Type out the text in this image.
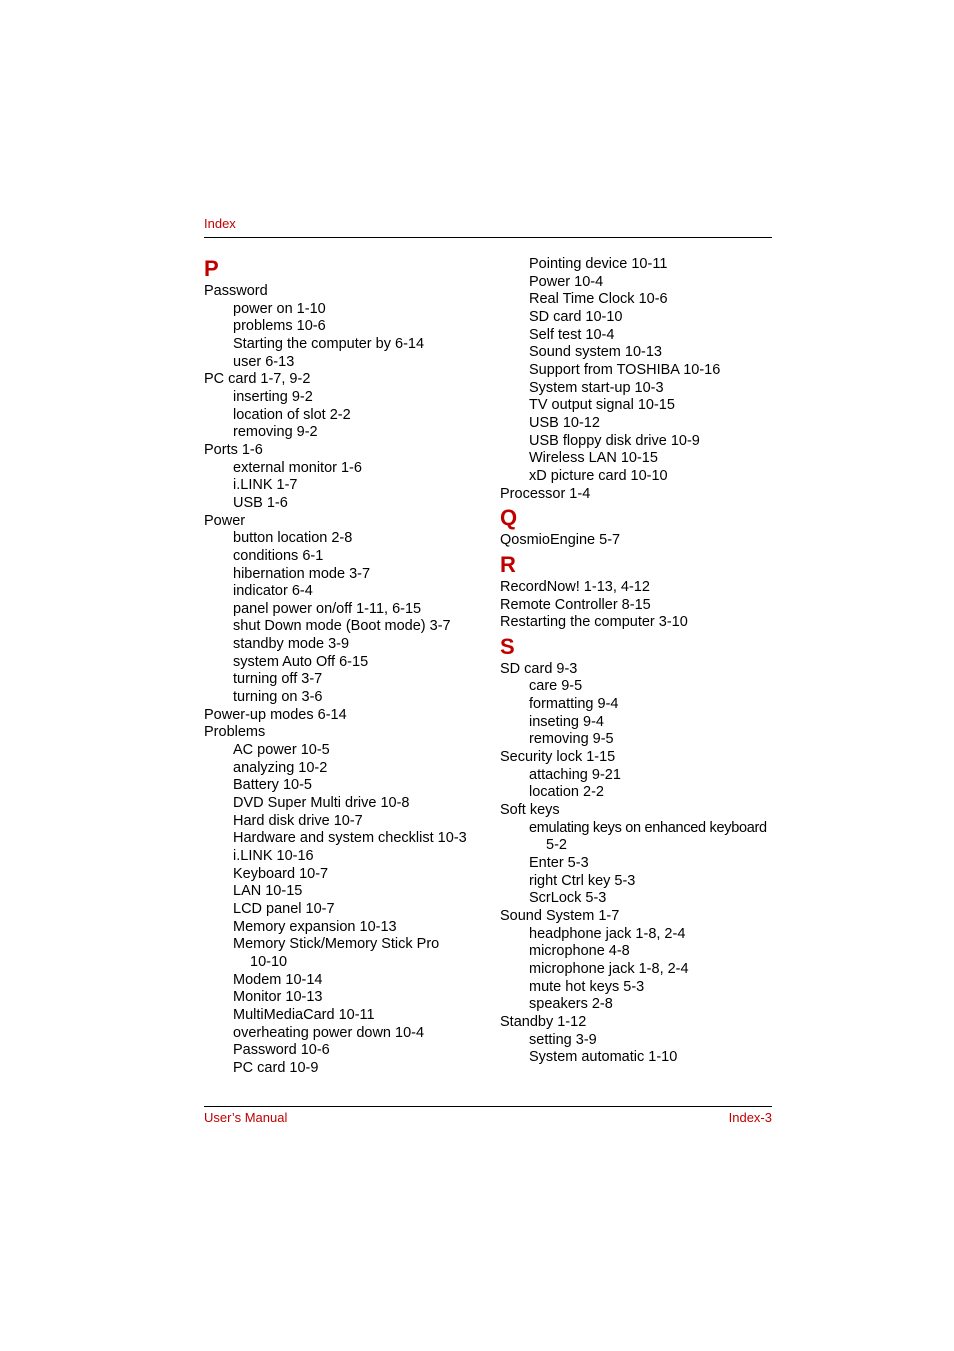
Index
P
Password
power on 1-10
problems 10-6
Starting the computer by 6-14
user 6-13
PC card 1-7, 9-2
inserting 9-2
location of slot 2-2
removing 9-2
Ports 1-6
external monitor 1-6
i.LINK 1-7
USB 1-6
Power
button location 2-8
conditions 6-1
hibernation mode 3-7
indicator 6-4
panel power on/off 1-11, 6-15
shut Down mode (Boot mode) 3-7
standby mode 3-9
system Auto Off 6-15
turning off 3-7
turning on 3-6
Power-up modes 6-14
Problems
AC power 10-5
analyzing 10-2
Battery 10-5
DVD Super Multi drive 10-8
Hard disk drive 10-7
Hardware and system checklist 10-3
i.LINK 10-16
Keyboard 10-7
LAN 10-15
LCD panel 10-7
Memory expansion 10-13
Memory Stick/Memory Stick Pro
10-10
Modem 10-14
Monitor 10-13
MultiMediaCard 10-11
overheating power down 10-4
Password 10-6
PC card 10-9
Pointing device 10-11
Power 10-4
Real Time Clock 10-6
SD card 10-10
Self test 10-4
Sound system 10-13
Support from TOSHIBA 10-16
System start-up 10-3
TV output signal 10-15
USB 10-12
USB floppy disk drive 10-9
Wireless LAN 10-15
xD picture card 10-10
Processor 1-4
Q
QosmioEngine 5-7
R
RecordNow! 1-13, 4-12
Remote Controller 8-15
Restarting the computer 3-10
S
SD card 9-3
care 9-5
formatting 9-4
inseting 9-4
removing 9-5
Security lock 1-15
attaching 9-21
location 2-2
Soft keys
emulating keys on enhanced keyboard
5-2
Enter 5-3
right Ctrl key 5-3
ScrLock 5-3
Sound System 1-7
headphone jack 1-8, 2-4
microphone 4-8
microphone jack 1-8, 2-4
mute hot keys 5-3
speakers 2-8
Standby 1-12
setting 3-9
System automatic 1-10
User’s Manual	Index-3
